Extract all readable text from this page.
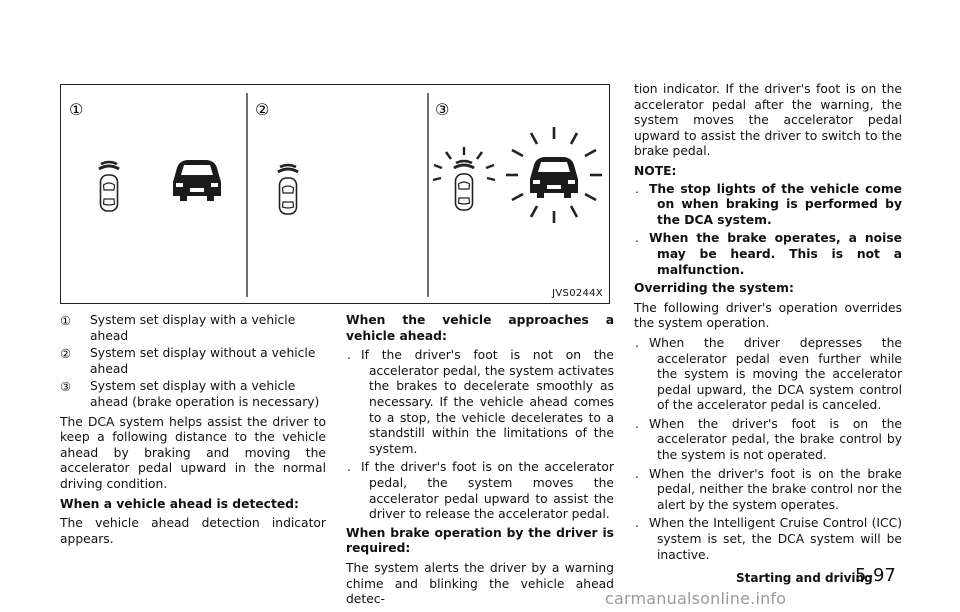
①	②	③
JVS0244X
①	System set display with a vehicle ahead
②	System set display without a vehicle ahead
③	System set display with a vehicle ahead (brake operation is necessary)

The DCA system helps assist the driver to keep a following distance to the vehicle ahead by braking and moving the accelerator pedal upward in the normal driving condition.

When a vehicle ahead is detected:

The vehicle ahead detection indicator appears.

When the vehicle approaches a vehicle ahead:

. If the driver's foot is not on the accelerator pedal, the system activates the brakes to decelerate smoothly as necessary. If the vehicle ahead comes to a stop, the vehicle decelerates to a standstill within the limitations of the system.
. If the driver's foot is on the accelerator pedal, the system moves the accelerator pedal upward to assist the driver to release the accelerator pedal.

When brake operation by the driver is required:

The system alerts the driver by a warning chime and blinking the vehicle ahead detec-

tion indicator. If the driver's foot is on the accelerator pedal after the warning, the system moves the accelerator pedal upward to assist the driver to switch to the brake pedal.

NOTE:

. The stop lights of the vehicle come on when braking is performed by the DCA system.
. When the brake operates, a noise may be heard. This is not a malfunction.

Overriding the system:

The following driver's operation overrides the system operation.

. When the driver depresses the accelerator pedal even further while the system is moving the accelerator pedal upward, the DCA system control of the accelerator pedal is canceled.
. When the driver's foot is on the accelerator pedal, the brake control by the system is not operated.
. When the driver's foot is on the brake pedal, neither the brake control nor the alert by the system operates.
. When the Intelligent Cruise Control (ICC) system is set, the DCA system will be inactive.
Starting and driving
5-97
carmanualsonline.info
